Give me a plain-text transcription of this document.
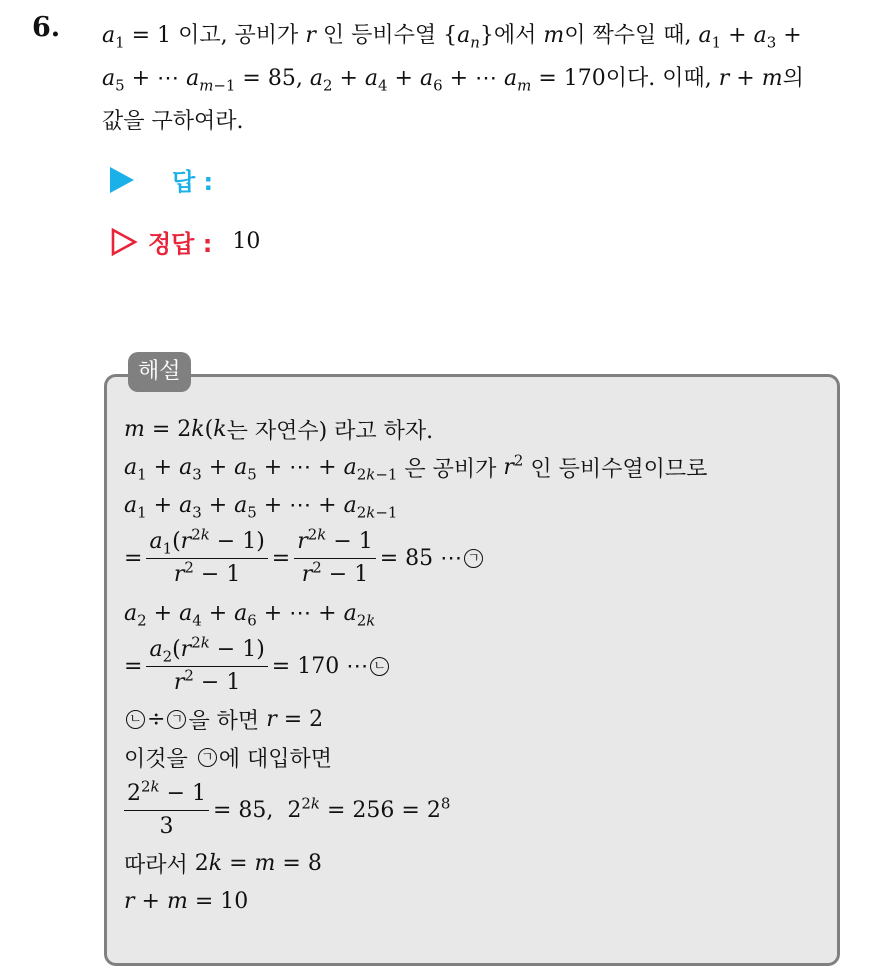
6. $a_1 = 1$ 이고, 공비가 r 인 등비수열 $\{a_n\}$에서 m이 짝수일 때, $a_1 + a_3$ +
$a_5$ + ⋯ $a_{m-1} = 85$, $a_2 + a_4 + a_6$ + ⋯ $a_m = 170$이다. 이때, r + m의
값을 구하여라.
답 :
정답 : 10
해설
m = 2k(k 는 자연수) 라고 하자.
$a_1 + a_3 + a_5$ + ⋯ + $a_{2k-1}$ 은 공비가 $r^2$ 인 등비수열이므로
$a_1 + a_3 + a_5$ + ⋯ + $a_{2k-1}$
= $\frac{a_1(r^{2k} - 1)}{r^2 - 1} = \frac{r^{2k} - 1}{r^2 - 1} = 85$ ⋯ ㄱ
$a_2 + a_4 + a_6$ + ⋯ + $a_{2k}$
= $\frac{a_2(r^{2k} - 1)}{r^2 - 1} = 170$ ⋯ ㄴ
ㄴ ÷ ㄱ 을 하면 r = 2
이것을 ㄱ 에 대입하면
$\frac{2^{2k} - 1}{3} = 85$,  $2^{2k} = 256 = 2^8$
따라서 2k = m = 8
r + m = 10
